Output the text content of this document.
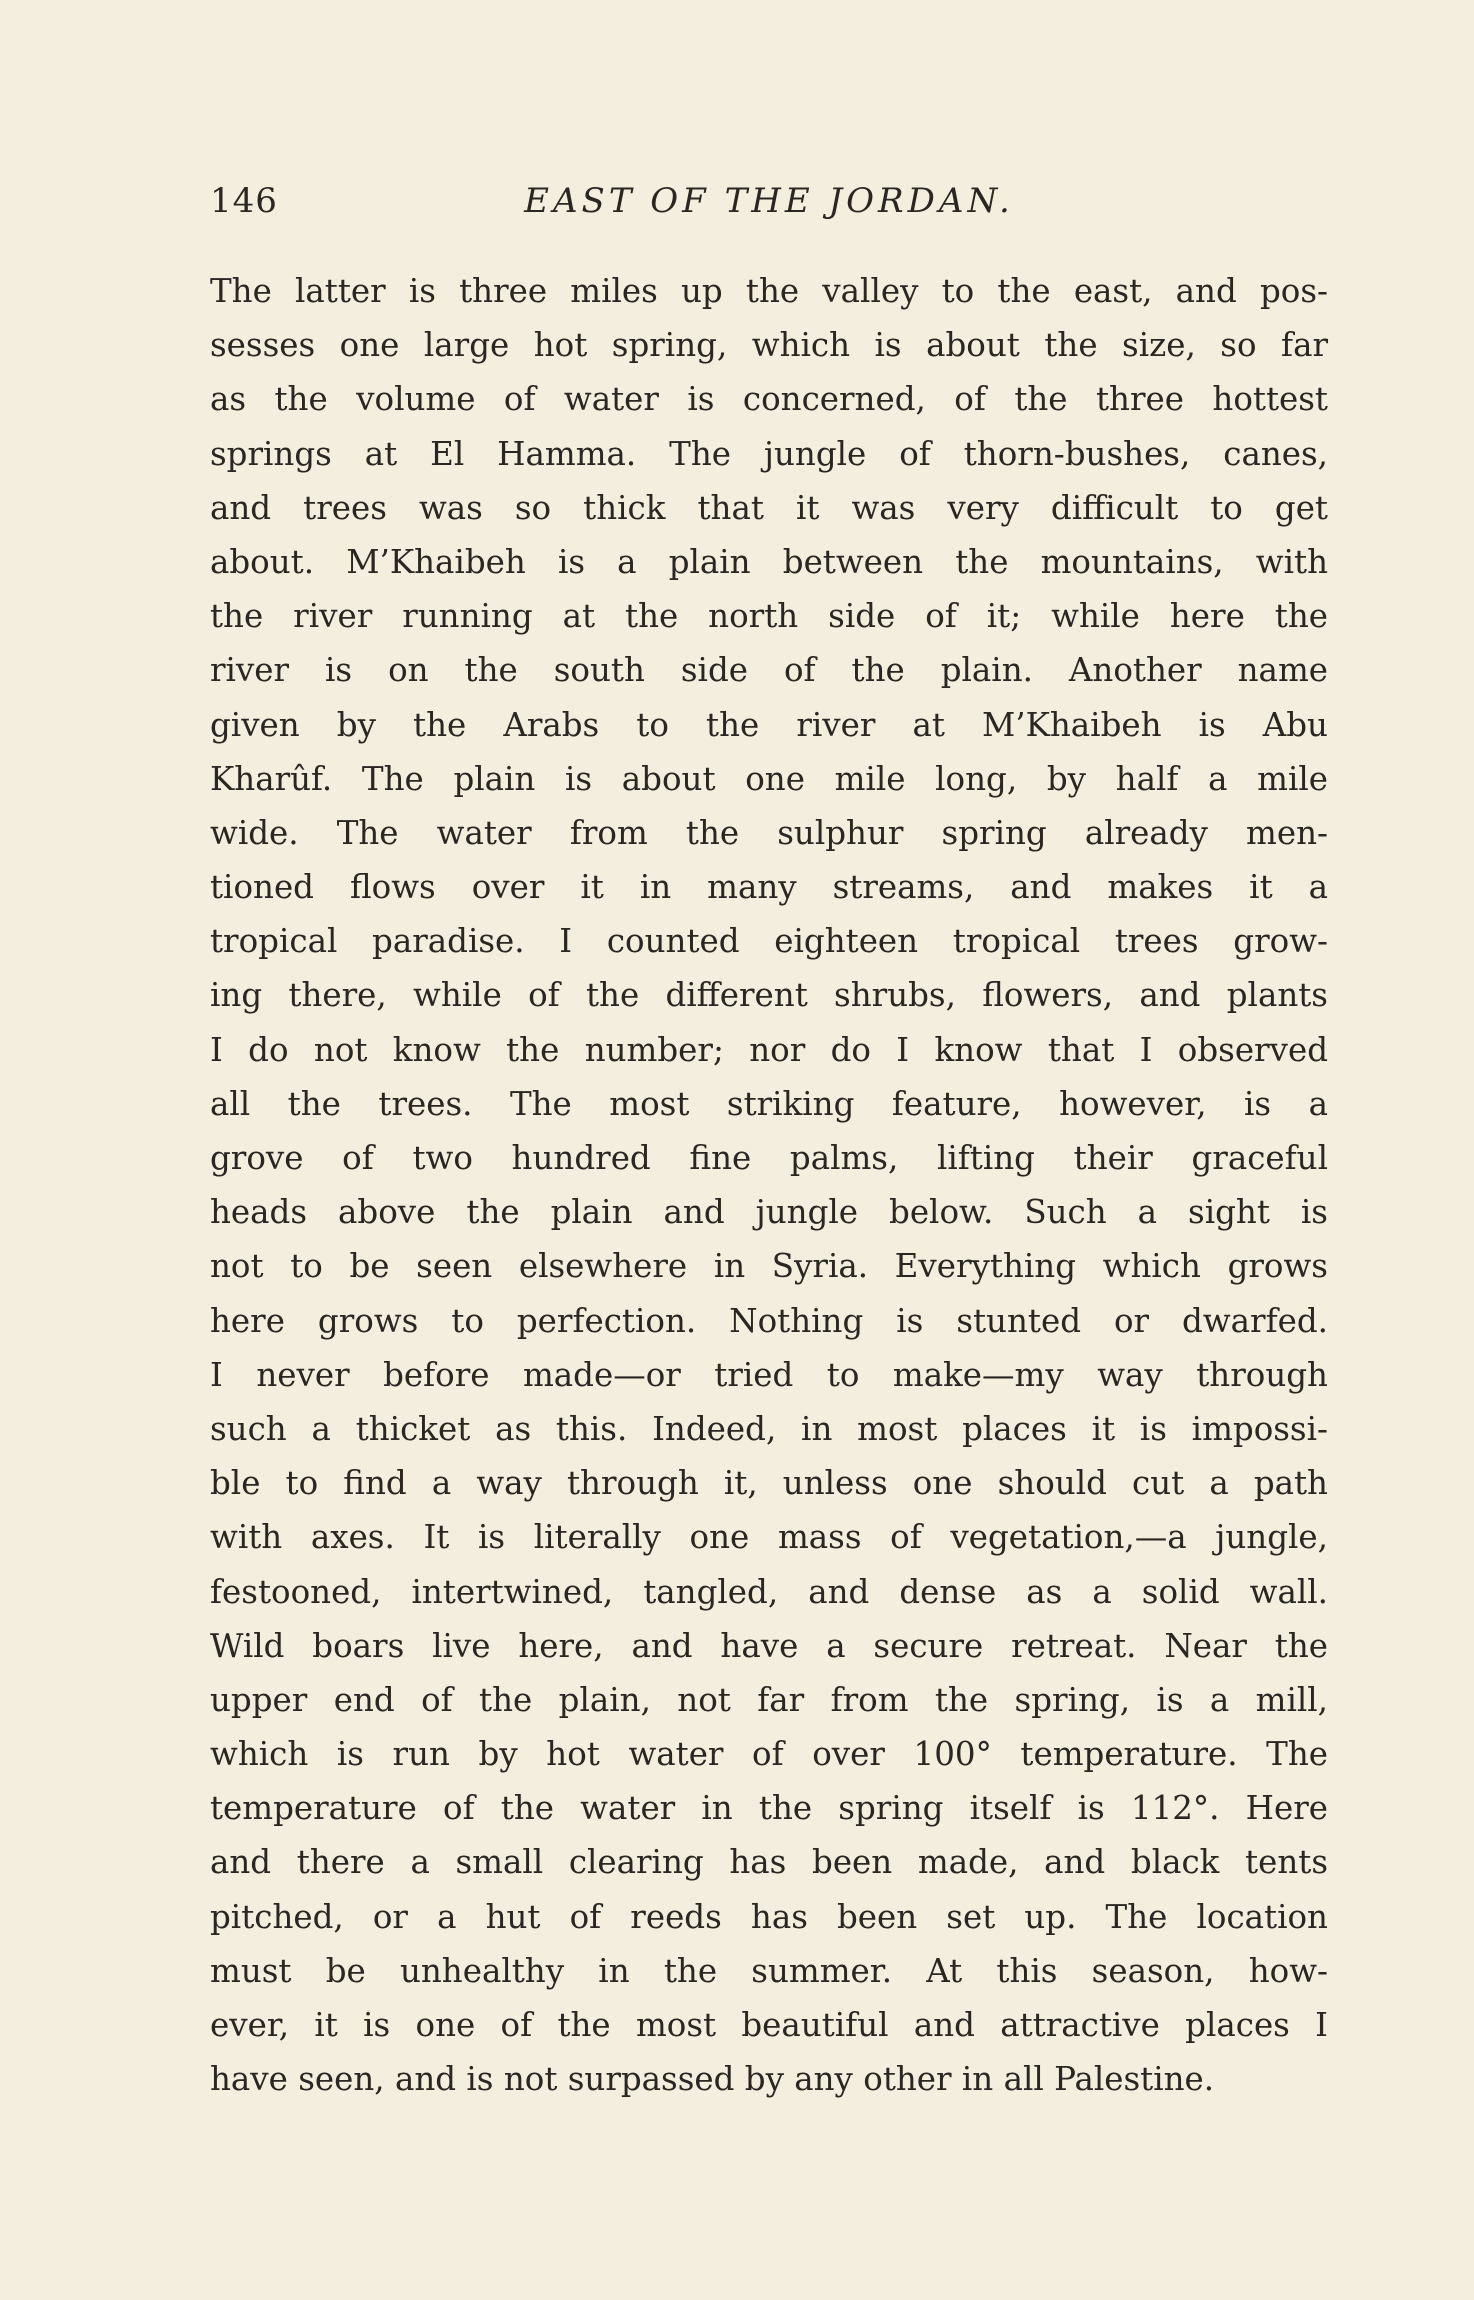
146	EAST OF THE JORDAN.
The latter is three miles up the valley to the east, and pos-
sesses one large hot spring, which is about the size, so far
as the volume of water is concerned, of the three hottest
springs at El Hamma. The jungle of thorn-bushes, canes,
and trees was so thick that it was very difficult to get
about. M’Khaibeh is a plain between the mountains, with
the river running at the north side of it; while here the
river is on the south side of the plain. Another name
given by the Arabs to the river at M’Khaibeh is Abu
Kharûf. The plain is about one mile long, by half a mile
wide. The water from the sulphur spring already men-
tioned flows over it in many streams, and makes it a
tropical paradise. I counted eighteen tropical trees grow-
ing there, while of the different shrubs, flowers, and plants
I do not know the number; nor do I know that I observed
all the trees. The most striking feature, however, is a
grove of two hundred fine palms, lifting their graceful
heads above the plain and jungle below. Such a sight is
not to be seen elsewhere in Syria. Everything which grows
here grows to perfection. Nothing is stunted or dwarfed.
I never before made—or tried to make—my way through
such a thicket as this. Indeed, in most places it is impossi-
ble to find a way through it, unless one should cut a path
with axes. It is literally one mass of vegetation,—a jungle,
festooned, intertwined, tangled, and dense as a solid wall.
Wild boars live here, and have a secure retreat. Near the
upper end of the plain, not far from the spring, is a mill,
which is run by hot water of over 100° temperature. The
temperature of the water in the spring itself is 112°. Here
and there a small clearing has been made, and black tents
pitched, or a hut of reeds has been set up. The location
must be unhealthy in the summer. At this season, how-
ever, it is one of the most beautiful and attractive places I
have seen, and is not surpassed by any other in all Palestine.
